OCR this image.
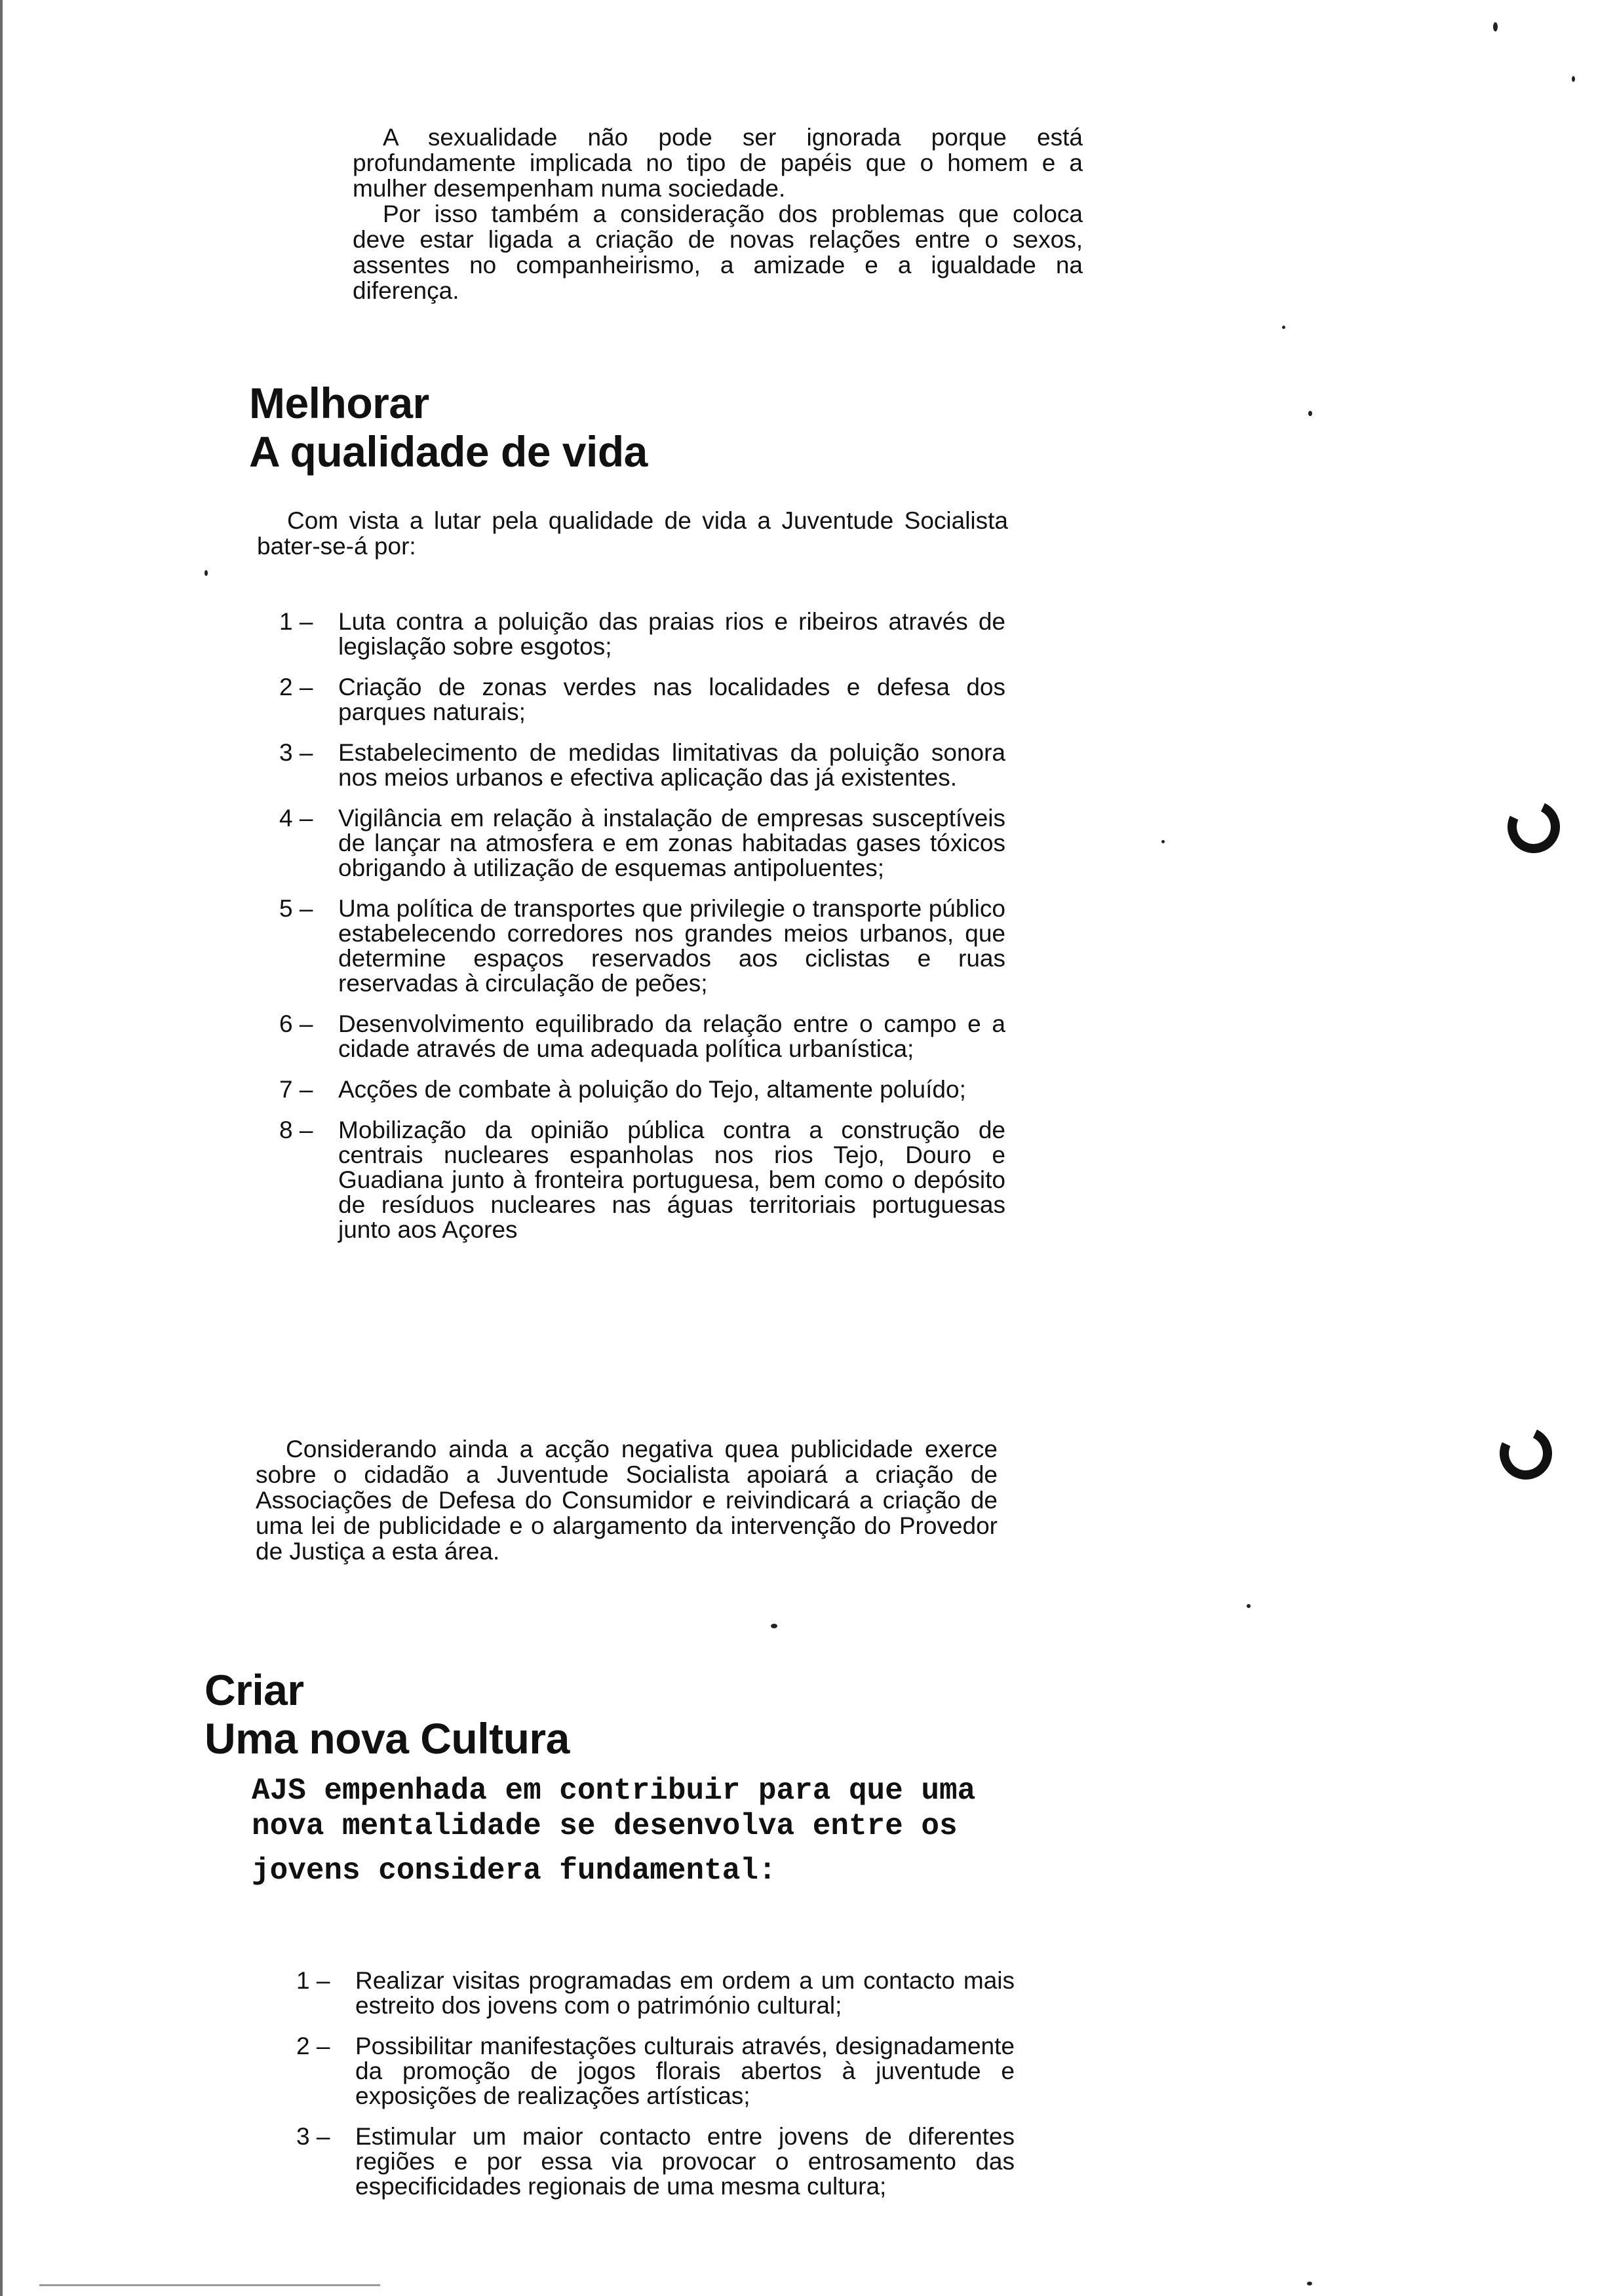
A sexualidade não pode ser ignorada porque está profundamente implicada no tipo de papéis que o homem e a mulher desempenham numa sociedade.

Por isso também a consideração dos problemas que coloca deve estar ligada a criação de novas relações entre o sexos, assentes no companheirismo, a amizade e a igualdade na diferença.

Melhorar
A qualidade de vida

Com vista a lutar pela qualidade de vida a Juventude Socialista bater-se-á por:

1 –	Luta contra a poluição das praias rios e ribeiros através de legislação sobre esgotos;
2 –	Criação de zonas verdes nas localidades e defesa dos parques naturais;
3 –	Estabelecimento de medidas limitativas da poluição sonora nos meios urbanos e efectiva aplicação das já existentes.
4 –	Vigilância em relação à instalação de empresas susceptíveis de lançar na atmosfera e em zonas habitadas gases tóxicos obrigando à utilização de esquemas antipoluentes;
5 –	Uma política de transportes que privilegie o transporte público estabelecendo corredores nos grandes meios urbanos, que determine espaços reservados aos ciclistas e ruas reservadas à circulação de peões;
6 –	Desenvolvimento equilibrado da relação entre o campo e a cidade através de uma adequada política urbanística;
7 –	Acções de combate à poluição do Tejo, altamente poluído;
8 –	Mobilização da opinião pública contra a construção de centrais nucleares espanholas nos rios Tejo, Douro e Guadiana junto à fronteira portuguesa, bem como o depósito de resíduos nucleares nas águas territoriais portuguesas junto aos Açores

Considerando ainda a acção negativa quea publicidade exerce sobre o cidadão a Juventude Socialista apoiará a criação de Associações de Defesa do Consumidor e reivindicará a criação de uma lei de publicidade e o alargamento da intervenção do Provedor de Justiça a esta área.

Criar
Uma nova Cultura

AJS empenhada em contribuir para que uma

nova mentalidade se desenvolva entre os

jovens considera fundamental:

1 –	Realizar visitas programadas em ordem a um contacto mais estreito dos jovens com o património cultural;
2 –	Possibilitar manifestações culturais através, designadamente da promoção de jogos florais abertos à juventude e exposições de realizações artísticas;
3 –	Estimular um maior contacto entre jovens de diferentes regiões e por essa via provocar o entrosamento das especificidades regionais de uma mesma cultura;
